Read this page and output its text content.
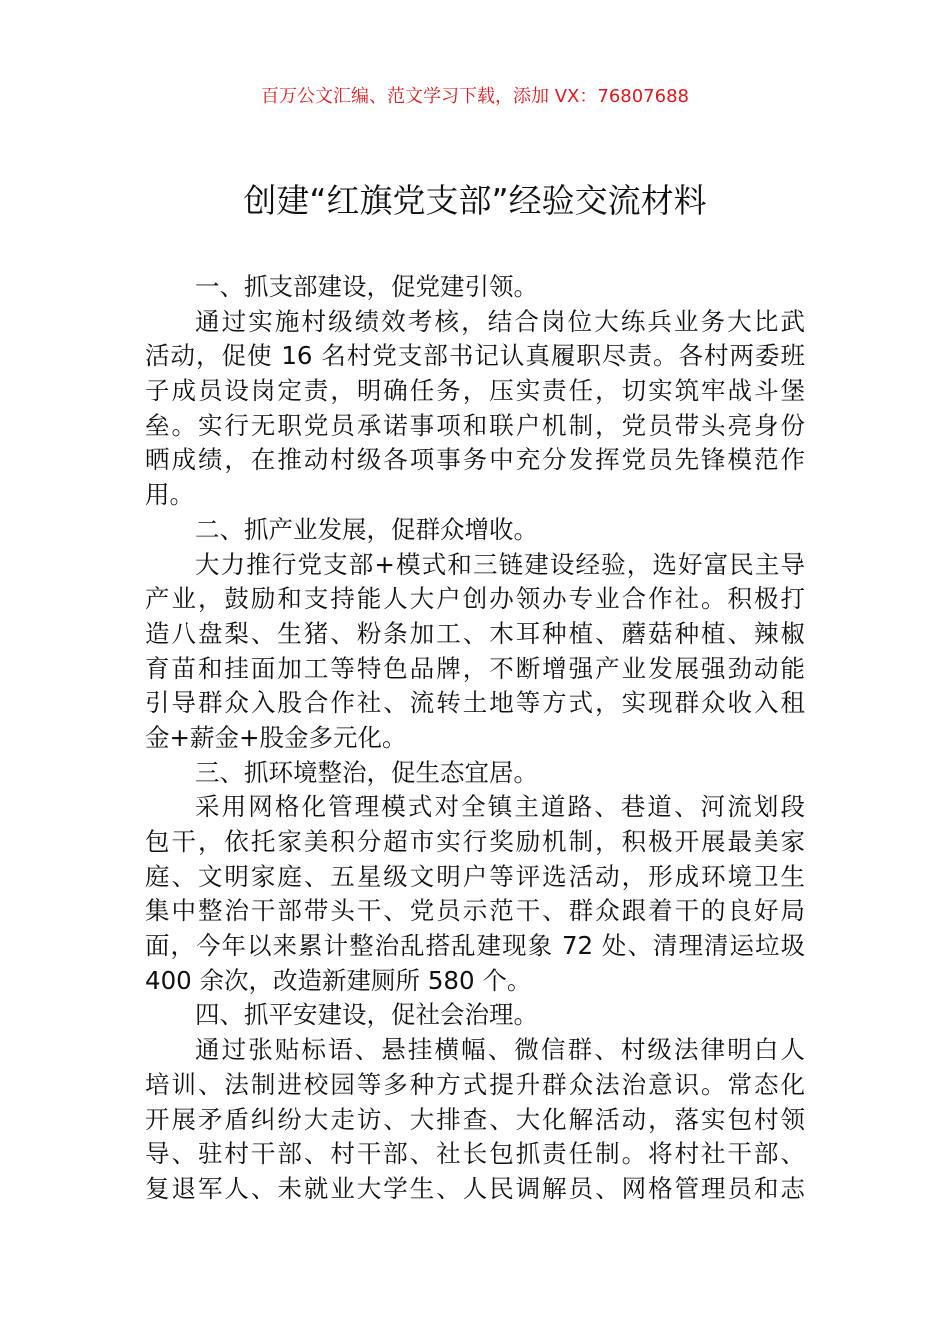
百万公文汇编、范文学习下载，添加 VX：76807688
创建“红旗党支部”经验交流材料
一、抓支部建设，促党建引领。
通过实施村级绩效考核，结合岗位大练兵业务大比武
活动，促使 16 名村党支部书记认真履职尽责。各村两委班
子成员设岗定责，明确任务，压实责任，切实筑牢战斗堡
垒。实行无职党员承诺事项和联户机制，党员带头亮身份
晒成绩，在推动村级各项事务中充分发挥党员先锋模范作
用。
二、抓产业发展，促群众增收。
大力推行党支部+模式和三链建设经验，选好富民主导
产业，鼓励和支持能人大户创办领办专业合作社。积极打
造八盘梨、生猪、粉条加工、木耳种植、蘑菇种植、辣椒
育苗和挂面加工等特色品牌，不断增强产业发展强劲动能
引导群众入股合作社、流转土地等方式，实现群众收入租
金+薪金+股金多元化。
三、抓环境整治，促生态宜居。
采用网格化管理模式对全镇主道路、巷道、河流划段
包干，依托家美积分超市实行奖励机制，积极开展最美家
庭、文明家庭、五星级文明户等评选活动，形成环境卫生
集中整治干部带头干、党员示范干、群众跟着干的良好局
面，今年以来累计整治乱搭乱建现象 72 处、清理清运垃圾
400 余次，改造新建厕所 580 个。
四、抓平安建设，促社会治理。
通过张贴标语、悬挂横幅、微信群、村级法律明白人
培训、法制进校园等多种方式提升群众法治意识。常态化
开展矛盾纠纷大走访、大排查、大化解活动，落实包村领
导、驻村干部、村干部、社长包抓责任制。将村社干部、
复退军人、未就业大学生、人民调解员、网格管理员和志
